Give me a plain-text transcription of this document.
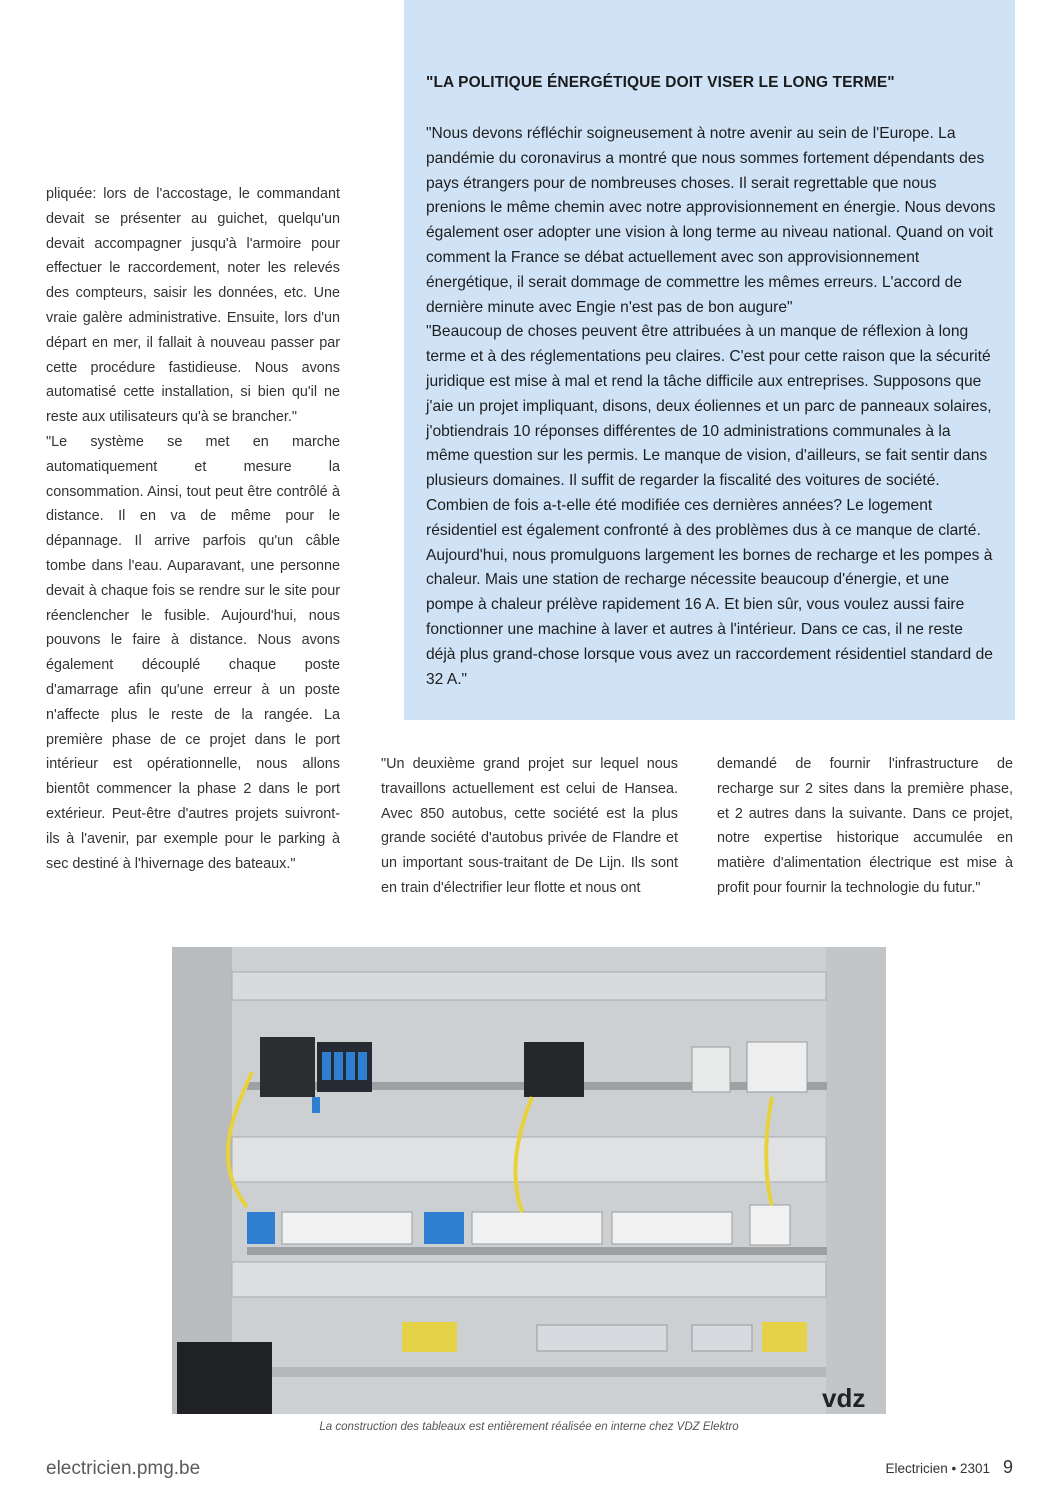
"LA POLITIQUE ÉNERGÉTIQUE DOIT VISER LE LONG TERME"

"Nous devons réfléchir soigneusement à notre avenir au sein de l'Europe. La pandémie du coronavirus a montré que nous sommes fortement dépendants des pays étrangers pour de nombreuses choses. Il serait regrettable que nous prenions le même chemin avec notre approvisionnement en énergie. Nous devons également oser adopter une vision à long terme au niveau national. Quand on voit comment la France se débat actuellement avec son approvisionnement énergétique, il serait dommage de commettre les mêmes erreurs. L'accord de dernière minute avec Engie n'est pas de bon augure"

"Beaucoup de choses peuvent être attribuées à un manque de réflexion à long terme et à des réglementations peu claires. C'est pour cette raison que la sécurité juridique est mise à mal et rend la tâche difficile aux entreprises. Supposons que j'aie un projet impliquant, disons, deux éoliennes et un parc de panneaux solaires, j'obtiendrais 10 réponses différentes de 10 administrations communales à la même question sur les permis. Le manque de vision, d'ailleurs, se fait sentir dans plusieurs domaines. Il suffit de regarder la fiscalité des voitures de société. Combien de fois a-t-elle été modifiée ces dernières années? Le logement résidentiel est également confronté à des problèmes dus à ce manque de clarté. Aujourd'hui, nous promulguons largement les bornes de recharge et les pompes à chaleur. Mais une station de recharge nécessite beaucoup d'énergie, et une pompe à chaleur prélève rapidement 16 A. Et bien sûr, vous voulez aussi faire fonctionner une machine à laver et autres à l'intérieur. Dans ce cas, il ne reste déjà plus grand-chose lorsque vous avez un raccordement résidentiel standard de 32 A."

pliquée: lors de l'accostage, le commandant devait se présenter au guichet, quelqu'un devait accompagner jusqu'à l'armoire pour effectuer le raccordement, noter les relevés des compteurs, saisir les données, etc. Une vraie galère administrative. Ensuite, lors d'un départ en mer, il fallait à nouveau passer par cette procédure fastidieuse. Nous avons automatisé cette installation, si bien qu'il ne reste aux utilisateurs qu'à se brancher."

"Le système se met en marche automatiquement et mesure la consommation. Ainsi, tout peut être contrôlé à distance. Il en va de même pour le dépannage. Il arrive parfois qu'un câble tombe dans l'eau. Auparavant, une personne devait à chaque fois se rendre sur le site pour réenclencher le fusible. Aujourd'hui, nous pouvons le faire à distance. Nous avons également découplé chaque poste d'amarrage afin qu'une erreur à un poste n'affecte plus le reste de la rangée. La première phase de ce projet dans le port intérieur est opérationnelle, nous allons bientôt commencer la phase 2 dans le port extérieur. Peut-être d'autres projets suivront-ils à l'avenir, par exemple pour le parking à sec destiné à l'hivernage des bateaux."

"Un deuxième grand projet sur lequel nous travaillons actuellement est celui de Hansea. Avec 850 autobus, cette société est la plus grande société d'autobus privée de Flandre et un important sous-traitant de De Lijn. Ils sont en train d'électrifier leur flotte et nous ont
demandé de fournir l'infrastructure de recharge sur 2 sites dans la première phase, et 2 autres dans la suivante. Dans ce projet, notre expertise historique accumulée en matière d'alimentation électrique est mise à profit pour fournir la technologie du futur."
vdz
La construction des tableaux est entièrement réalisée en interne chez VDZ Elektro
electricien.pmg.be	Electricien • 2301 9
